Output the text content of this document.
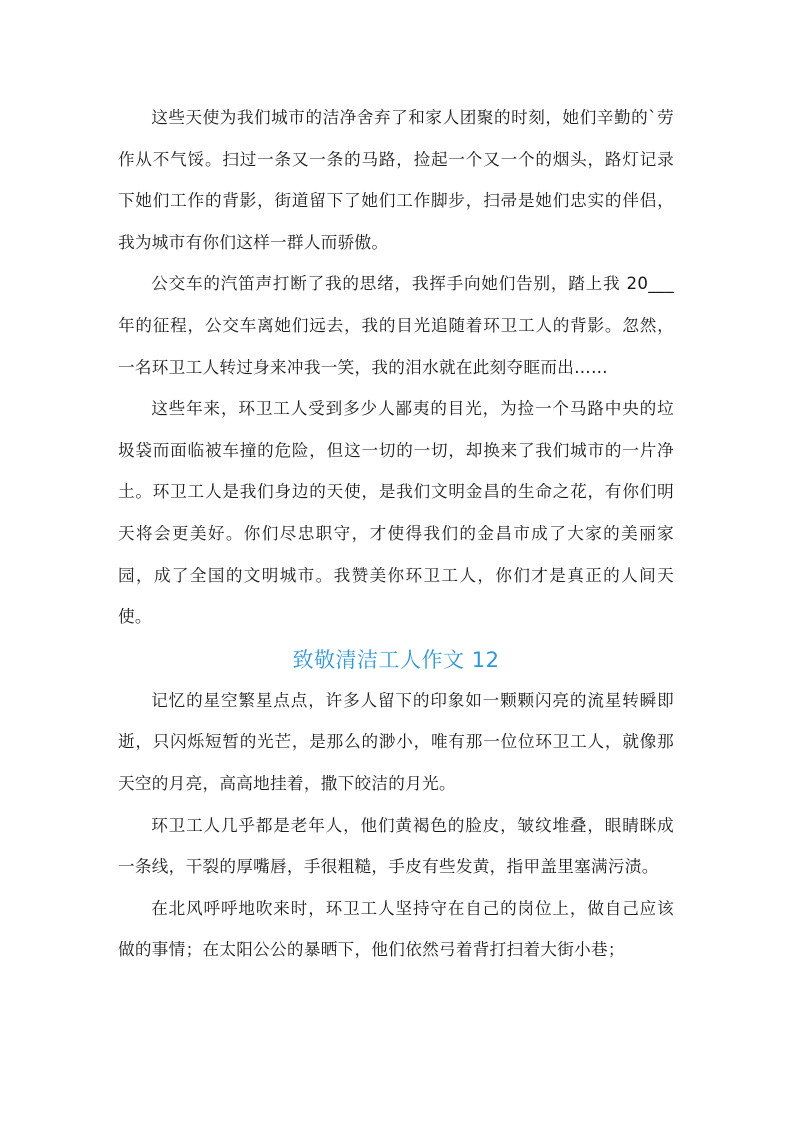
这些天使为我们城市的洁净舍弃了和家人团聚的时刻，她们辛勤的`劳作从不气馁。扫过一条又一条的马路，捡起一个又一个的烟头，路灯记录下她们工作的背影，街道留下了她们工作脚步，扫帚是她们忠实的伴侣，我为城市有你们这样一群人而骄傲。

公交车的汽笛声打断了我的思绪，我挥手向她们告别，踏上我 20___年的征程，公交车离她们远去，我的目光追随着环卫工人的背影。忽然，一名环卫工人转过身来冲我一笑，我的泪水就在此刻夺眶而出……

这些年来，环卫工人受到多少人鄙夷的目光，为捡一个马路中央的垃圾袋而面临被车撞的危险，但这一切的一切，却换来了我们城市的一片净土。环卫工人是我们身边的天使，是我们文明金昌的生命之花，有你们明天将会更美好。你们尽忠职守，才使得我们的金昌市成了大家的美丽家园，成了全国的文明城市。我赞美你环卫工人，你们才是真正的人间天使。

致敬清洁工人作文 12

记忆的星空繁星点点，许多人留下的印象如一颗颗闪亮的流星转瞬即逝，只闪烁短暂的光芒，是那么的渺小，唯有那一位位环卫工人，就像那天空的月亮，高高地挂着，撒下皎洁的月光。

环卫工人几乎都是老年人，他们黄褐色的脸皮，皱纹堆叠，眼睛眯成一条线，干裂的厚嘴唇，手很粗糙，手皮有些发黄，指甲盖里塞满污渍。

在北风呼呼地吹来时，环卫工人坚持守在自己的岗位上，做自己应该做的事情；在太阳公公的暴晒下，他们依然弓着背打扫着大街小巷；
